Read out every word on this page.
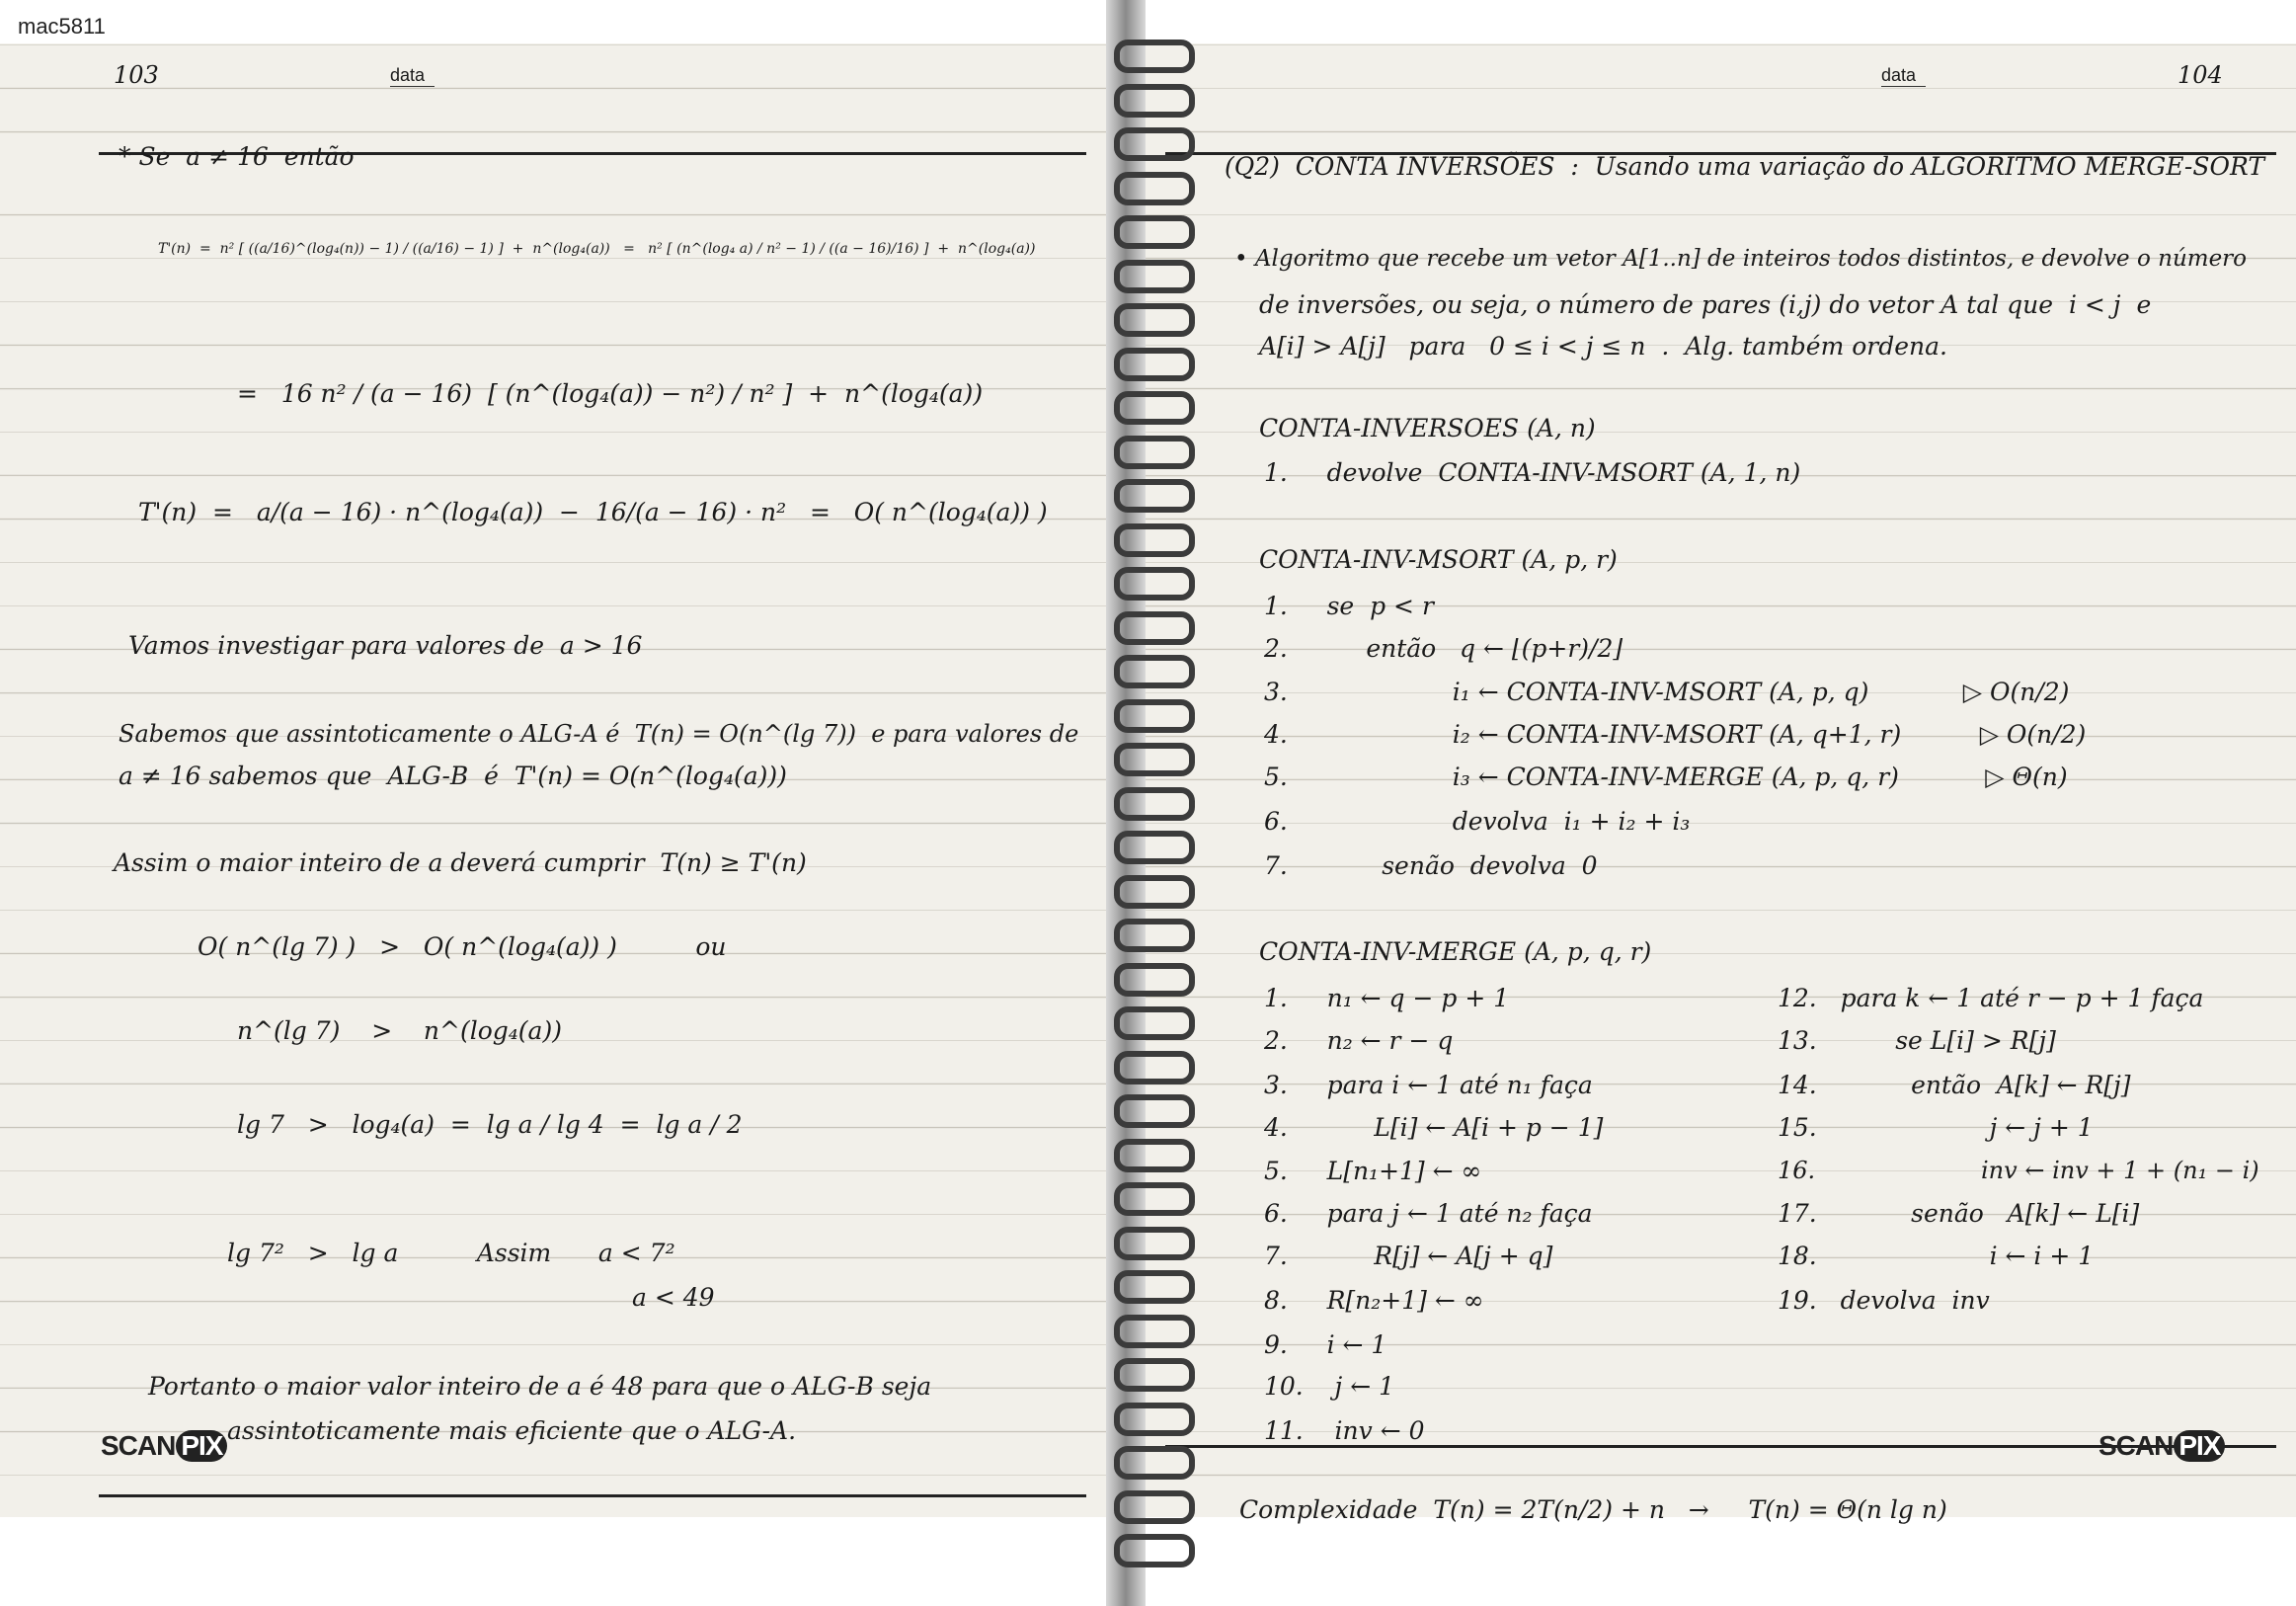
mac5811
103	data
SCAN PIX
104
data
SCAN PIX
* Se  a ≠ 16  então
T'(n)  =  n² [ ((a/16)^(log₄(n)) − 1) / ((a/16) − 1) ]  +  n^(log₄(a))   =   n² [ (n^(log₄ a) / n² − 1) / ((a − 16)/16) ]  +  n^(log₄(a))
=   16 n² / (a − 16)  [ (n^(log₄(a)) − n²) / n² ]  +  n^(log₄(a))
T'(n)  =   a/(a − 16) · n^(log₄(a))  −  16/(a − 16) · n²   =   O( n^(log₄(a)) )
Vamos investigar para valores de  a > 16
Sabemos que assintoticamente o ALG-A é  T(n) = O(n^(lg 7))  e para valores de
a ≠ 16 sabemos que  ALG-B  é  T'(n) = O(n^(log₄(a)))
Assim o maior inteiro de a deverá cumprir  T(n) ≥ T'(n)
O( n^(lg 7) )   >   O( n^(log₄(a)) )          ou
n^(lg 7)    >    n^(log₄(a))
lg 7   >   log₄(a)  =  lg a / lg 4  =  lg a / 2
lg 7²   >   lg a          Assim      a < 7²
a < 49
Portanto o maior valor inteiro de a é 48 para que o ALG-B seja
assintoticamente mais eficiente que o ALG-A.
(Q2)  CONTA INVERSÕES  :  Usando uma variação do ALGORITMO MERGE-SORT
• Algoritmo que recebe um vetor A[1..n] de inteiros todos distintos, e devolve o número
de inversões, ou seja, o número de pares (i,j) do vetor A tal que  i < j  e
A[i] > A[j]   para   0 ≤ i < j ≤ n  .  Alg. também ordena.
CONTA-INVERSOES (A, n)
1.     devolve  CONTA-INV-MSORT (A, 1, n)
CONTA-INV-MSORT (A, p, r)
1.     se  p < r
2.          então   q ← ⌊(p+r)/2⌋
3.                     i₁ ← CONTA-INV-MSORT (A, p, q)            ▷ O(n/2)
4.                     i₂ ← CONTA-INV-MSORT (A, q+1, r)          ▷ O(n/2)
5.                     i₃ ← CONTA-INV-MERGE (A, p, q, r)           ▷ Θ(n)
6.                     devolva  i₁ + i₂ + i₃
7.            senão  devolva  0
CONTA-INV-MERGE (A, p, q, r)
1.     n₁ ← q − p + 1
2.     n₂ ← r − q
3.     para i ← 1 até n₁ faça
4.           L[i] ← A[i + p − 1]
5.     L[n₁+1] ← ∞
6.     para j ← 1 até n₂ faça
7.           R[j] ← A[j + q]
8.     R[n₂+1] ← ∞
9.     i ← 1
10.    j ← 1
11.    inv ← 0
12.   para k ← 1 até r − p + 1 faça
13.          se L[i] > R[j]
14.            então  A[k] ← R[j]
15.                      j ← j + 1
16.                      inv ← inv + 1 + (n₁ − i)
17.            senão   A[k] ← L[i]
18.                      i ← i + 1
19.   devolva  inv
Complexidade  T(n) = 2T(n/2) + n   →     T(n) = Θ(n lg n)
